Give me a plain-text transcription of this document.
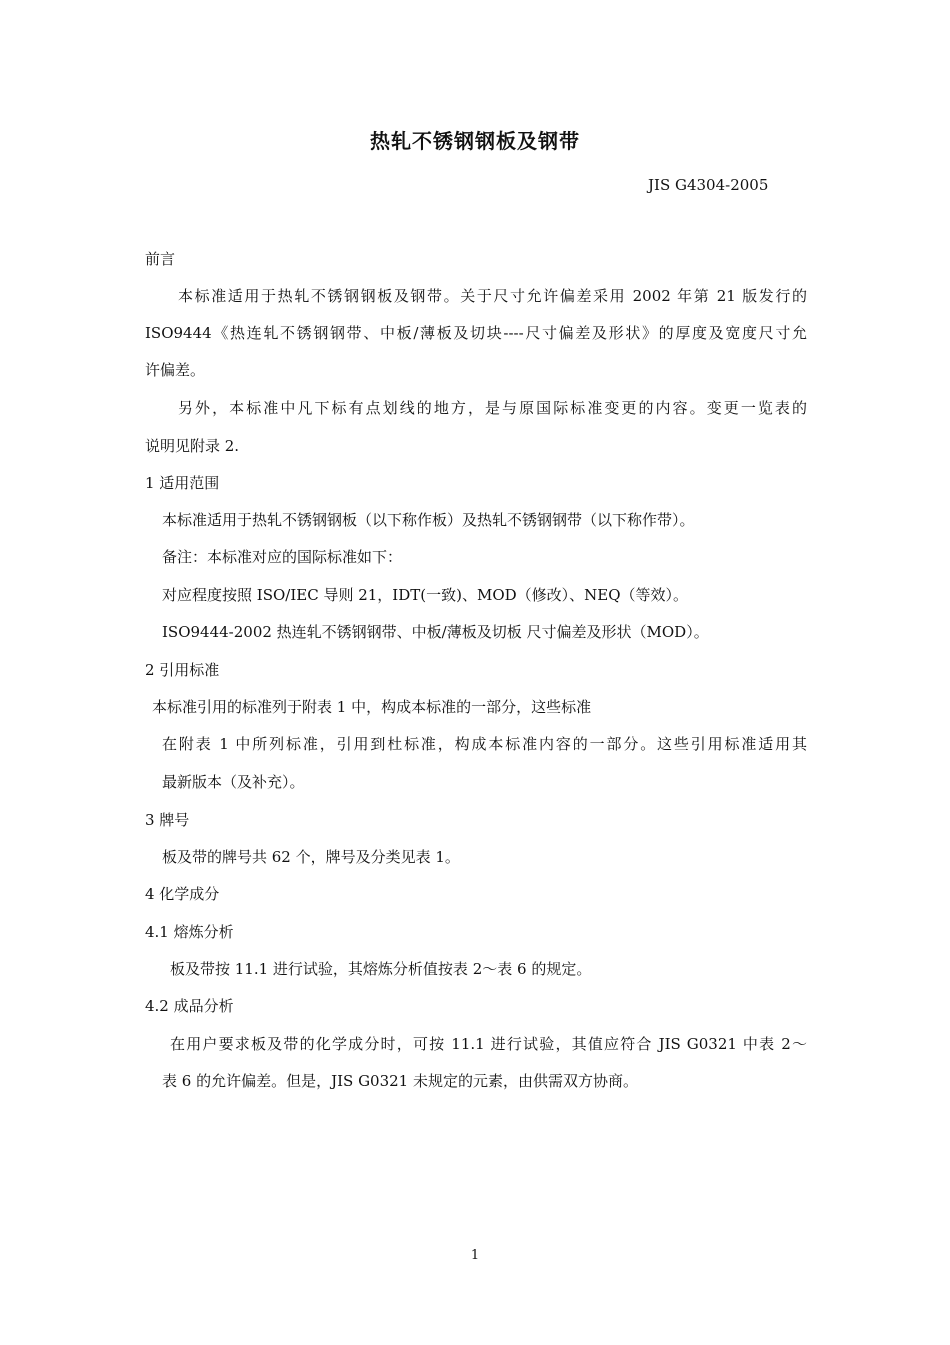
热轧不锈钢钢板及钢带
JIS G4304-2005
前言
本标准适用于热轧不锈钢钢板及钢带。关于尺寸允许偏差采用 2002 年第 21 版发行的
ISO9444《热连轧不锈钢钢带、中板/薄板及切块----尺寸偏差及形状》的厚度及宽度尺寸允
许偏差。
另外，本标准中凡下标有点划线的地方，是与原国际标准变更的内容。变更一览表的
说明见附录 2.
1 适用范围
本标准适用于热轧不锈钢钢板（以下称作板）及热轧不锈钢钢带（以下称作带）。
备注：本标准对应的国际标准如下：
对应程度按照 ISO/IEC 导则 21，IDT(一致)、MOD（修改）、NEQ（等效）。
ISO9444-2002 热连轧不锈钢钢带、中板/薄板及切板 尺寸偏差及形状（MOD）。
2 引用标准
本标准引用的标准列于附表 1 中，构成本标准的一部分，这些标准
在附表 1 中所列标准，引用到杜标准，构成本标准内容的一部分。这些引用标准适用其
最新版本（及补充）。
3 牌号
板及带的牌号共 62 个，牌号及分类见表 1。
4 化学成分
4.1 熔炼分析
板及带按 11.1 进行试验，其熔炼分析值按表 2～表 6 的规定。
4.2 成品分析
在用户要求板及带的化学成分时，可按 11.1 进行试验，其值应符合 JIS G0321 中表 2～
表 6 的允许偏差。但是，JIS G0321 未规定的元素，由供需双方协商。
1
